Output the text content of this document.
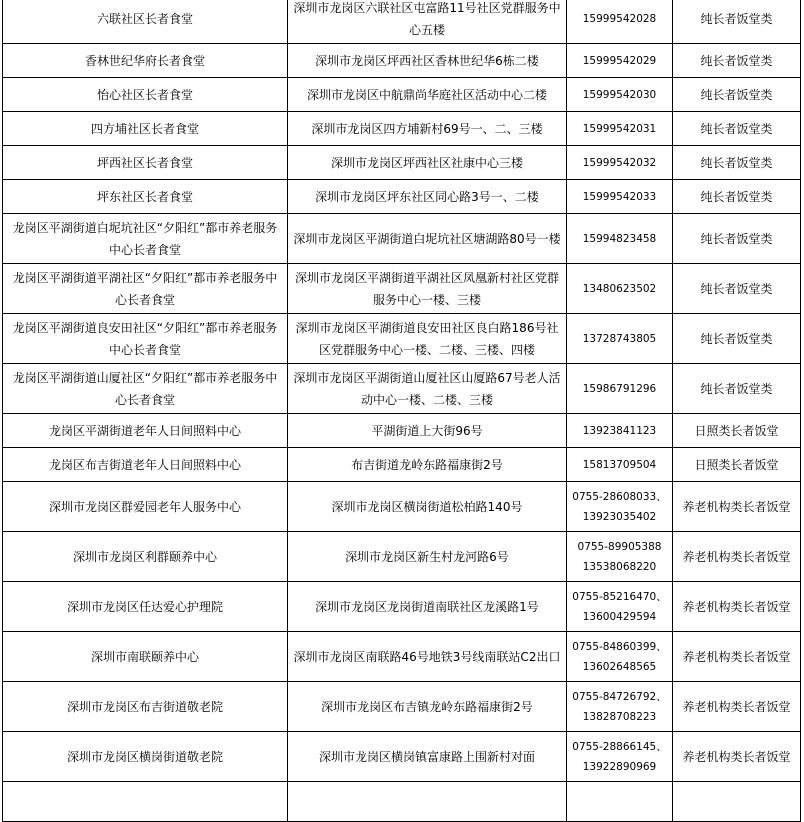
六联社区长者食堂	深圳市龙岗区六联社区屯富路11号社区党群服务中心五楼	15999542028	纯长者饭堂类
香林世纪华府长者食堂	深圳市龙岗区坪西社区香林世纪华6栋二楼	15999542029	纯长者饭堂类
怡心社区长者食堂	深圳市龙岗区中航鼎尚华庭社区活动中心二楼	15999542030	纯长者饭堂类
四方埔社区长者食堂	深圳市龙岗区四方埔新村69号一、二、三楼	15999542031	纯长者饭堂类
坪西社区长者食堂	深圳市龙岗区坪西社区社康中心三楼	15999542032	纯长者饭堂类
坪东社区长者食堂	深圳市龙岗区坪东社区同心路3号一、二楼	15999542033	纯长者饭堂类
龙岗区平湖街道白坭坑社区“夕阳红”都市养老服务中心长者食堂	深圳市龙岗区平湖街道白坭坑社区塘湖路80号一楼	15994823458	纯长者饭堂类
龙岗区平湖街道平湖社区“夕阳红”都市养老服务中心长者食堂	深圳市龙岗区平湖街道平湖社区凤凰新村社区党群服务中心一楼、三楼	13480623502	纯长者饭堂类
龙岗区平湖街道良安田社区“夕阳红”都市养老服务中心长者食堂	深圳市龙岗区平湖街道良安田社区良白路186号社区党群服务中心一楼、二楼、三楼、四楼	13728743805	纯长者饭堂类
龙岗区平湖街道山厦社区“夕阳红”都市养老服务中心长者食堂	深圳市龙岗区平湖街道山厦社区山厦路67号老人活动中心一楼、二楼、三楼	15986791296	纯长者饭堂类
龙岗区平湖街道老年人日间照料中心	平湖街道上大街96号	13923841123	日照类长者饭堂
龙岗区布吉街道老年人日间照料中心	布吉街道龙岭东路福康街2号	15813709504	日照类长者饭堂
深圳市龙岗区群爱园老年人服务中心	深圳市龙岗区横岗街道松柏路140号	0755-28608033、13923035402	养老机构类长者饭堂
深圳市龙岗区利群颐养中心	深圳市龙岗区新生村龙河路6号	0755-89905388 13538068220	养老机构类长者饭堂
深圳市龙岗区任达爱心护理院	深圳市龙岗区龙岗街道南联社区龙溪路1号	0755-85216470、13600429594	养老机构类长者饭堂
深圳市南联颐养中心	深圳市龙岗区南联路46号地铁3号线南联站C2出口	0755-84860399、13602648565	养老机构类长者饭堂
深圳市龙岗区布吉街道敬老院	深圳市龙岗区布吉镇龙岭东路福康街2号	0755-84726792、13828708223	养老机构类长者饭堂
深圳市龙岗区横岗街道敬老院	深圳市龙岗区横岗镇富康路上围新村对面	0755-28866145、13922890969	养老机构类长者饭堂
